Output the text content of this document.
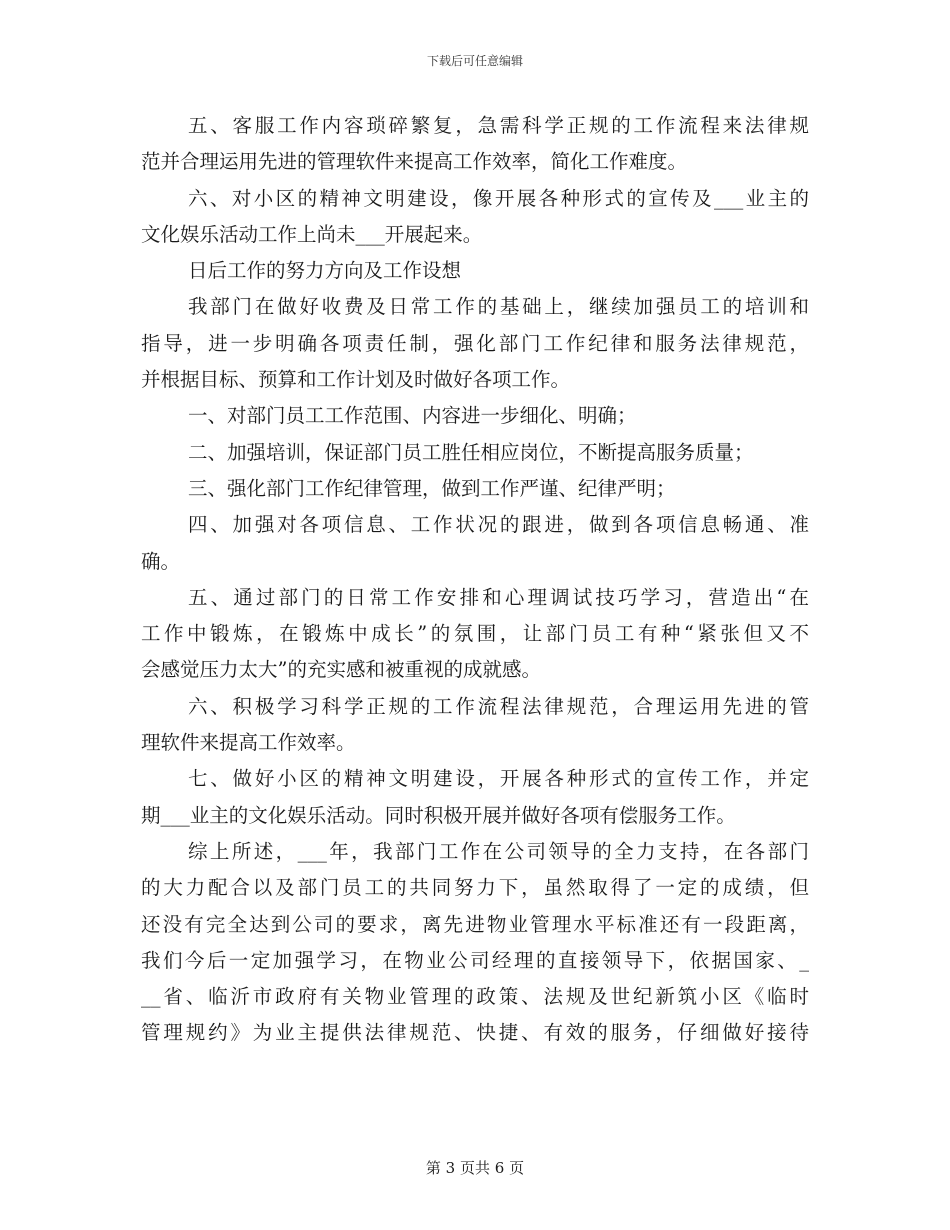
下载后可任意编辑
五、客服工作内容琐碎繁复，急需科学正规的工作流程来法律规
范并合理运用先进的管理软件来提高工作效率，简化工作难度。
六、对小区的精神文明建设，像开展各种形式的宣传及___业主的
文化娱乐活动工作上尚未___开展起来。
日后工作的努力方向及工作设想
我部门在做好收费及日常工作的基础上，继续加强员工的培训和
指导，进一步明确各项责任制，强化部门工作纪律和服务法律规范，
并根据目标、预算和工作计划及时做好各项工作。
一、对部门员工工作范围、内容进一步细化、明确；
二、加强培训，保证部门员工胜任相应岗位，不断提高服务质量；
三、强化部门工作纪律管理，做到工作严谨、纪律严明；
四、加强对各项信息、工作状况的跟进，做到各项信息畅通、准
确。
五、通过部门的日常工作安排和心理调试技巧学习，营造出“在
工作中锻炼，在锻炼中成长”的氛围，让部门员工有种“紧张但又不
会感觉压力太大”的充实感和被重视的成就感。
六、积极学习科学正规的工作流程法律规范，合理运用先进的管
理软件来提高工作效率。
七、做好小区的精神文明建设，开展各种形式的宣传工作，并定
期___业主的文化娱乐活动。同时积极开展并做好各项有偿服务工作。
综上所述，___年，我部门工作在公司领导的全力支持，在各部门
的大力配合以及部门员工的共同努力下，虽然取得了一定的成绩，但
还没有完全达到公司的要求，离先进物业管理水平标准还有一段距离，
我们今后一定加强学习，在物业公司经理的直接领导下，依据国家、_
__省、临沂市政府有关物业管理的政策、法规及世纪新筑小区《临时
管理规约》为业主提供法律规范、快捷、有效的服务，仔细做好接待
第 3 页共 6 页
